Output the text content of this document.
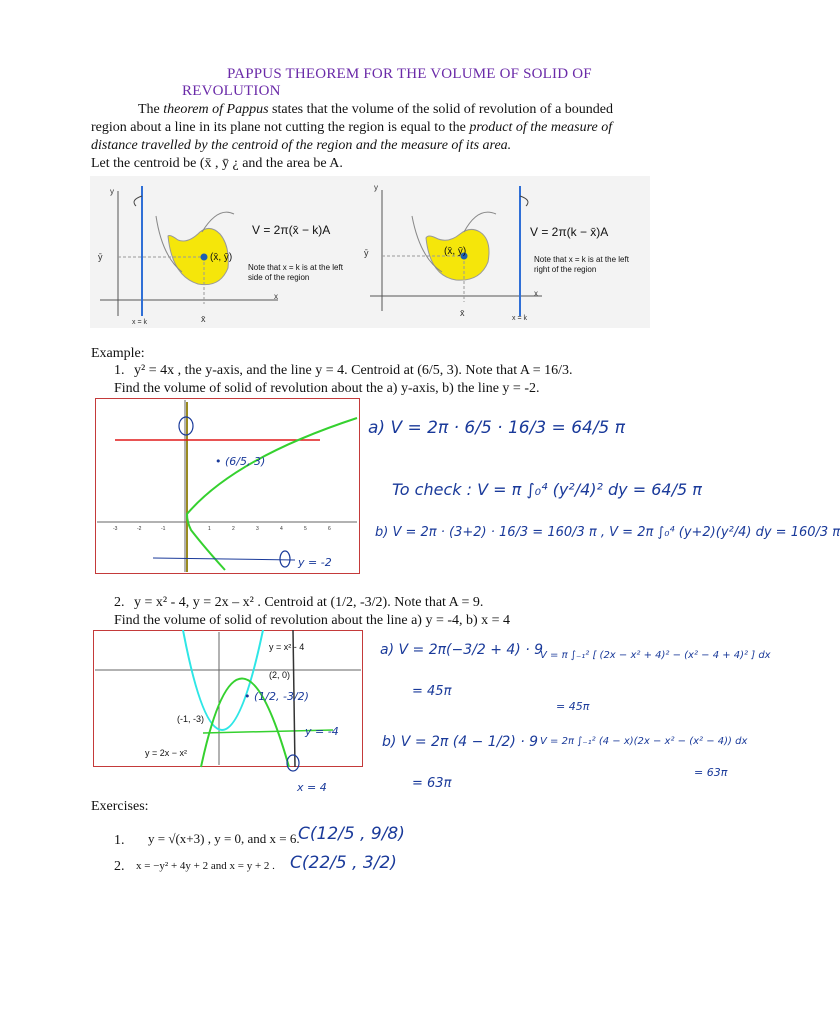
PAPPUS THEOREM FOR THE VOLUME OF SOLID OF
REVOLUTION
The theorem of Pappus states that the volume of the solid of revolution of a bounded
region about a line in its plane not cutting the region is equal to the product of the measure of
distance travelled by the centroid of the region and the measure of its area.
Let the centroid be (x̄ , ȳ ¿ and the area be A.
y
x
ȳ
x̄
x = k
(x̄, ȳ)
V = 2π(x̄ − k)A
Note that x = k is at the left
side of the region
y
x
ȳ
x̄
x = k
(x̄, ȳ)
V = 2π(k − x̄)A
Note that x = k is at the left
right of the region
Example:
1. y² = 4x , the y-axis, and the line y = 4. Centroid at (6/5, 3). Note that A = 16/3.
Find the volume of solid of revolution about the a) y-axis, b) the line y = -2.
-3	-2	-1	1	2	3	4	5	6
• (6/5, 3)
y = -2
a) V = 2π · 6/5 · 16/3 = 64/5 π
To check : V = π ∫₀⁴ (y²/4)² dy = 64/5 π
b) V = 2π · (3+2) · 16/3 = 160/3 π , V = 2π ∫₀⁴ (y+2)(y²/4) dy = 160/3 π
2. y = x² - 4, y = 2x – x² . Centroid at (1/2, -3/2). Note that A = 9.
Find the volume of solid of revolution about the line a) y = -4, b) x = 4
y = x² - 4
(2, 0)
(-1, -3)
y = 2x − x²
• (1/2, -3/2)
y = -4
x = 4
a) V = 2π(−3/2 + 4) · 9
= 45π
V = π ∫₋₁² [ (2x − x² + 4)² − (x² − 4 + 4)² ] dx
= 45π
b) V = 2π (4 − 1/2) · 9
= 63π
V = 2π ∫₋₁² (4 − x)(2x − x² − (x² − 4)) dx
= 63π
Exercises:
1. y = √(x+3) , y = 0, and x = 6.
C(12/5 , 9/8)
2. x = −y² + 4y + 2 and x = y + 2 . C(22/5 , 3/2)
